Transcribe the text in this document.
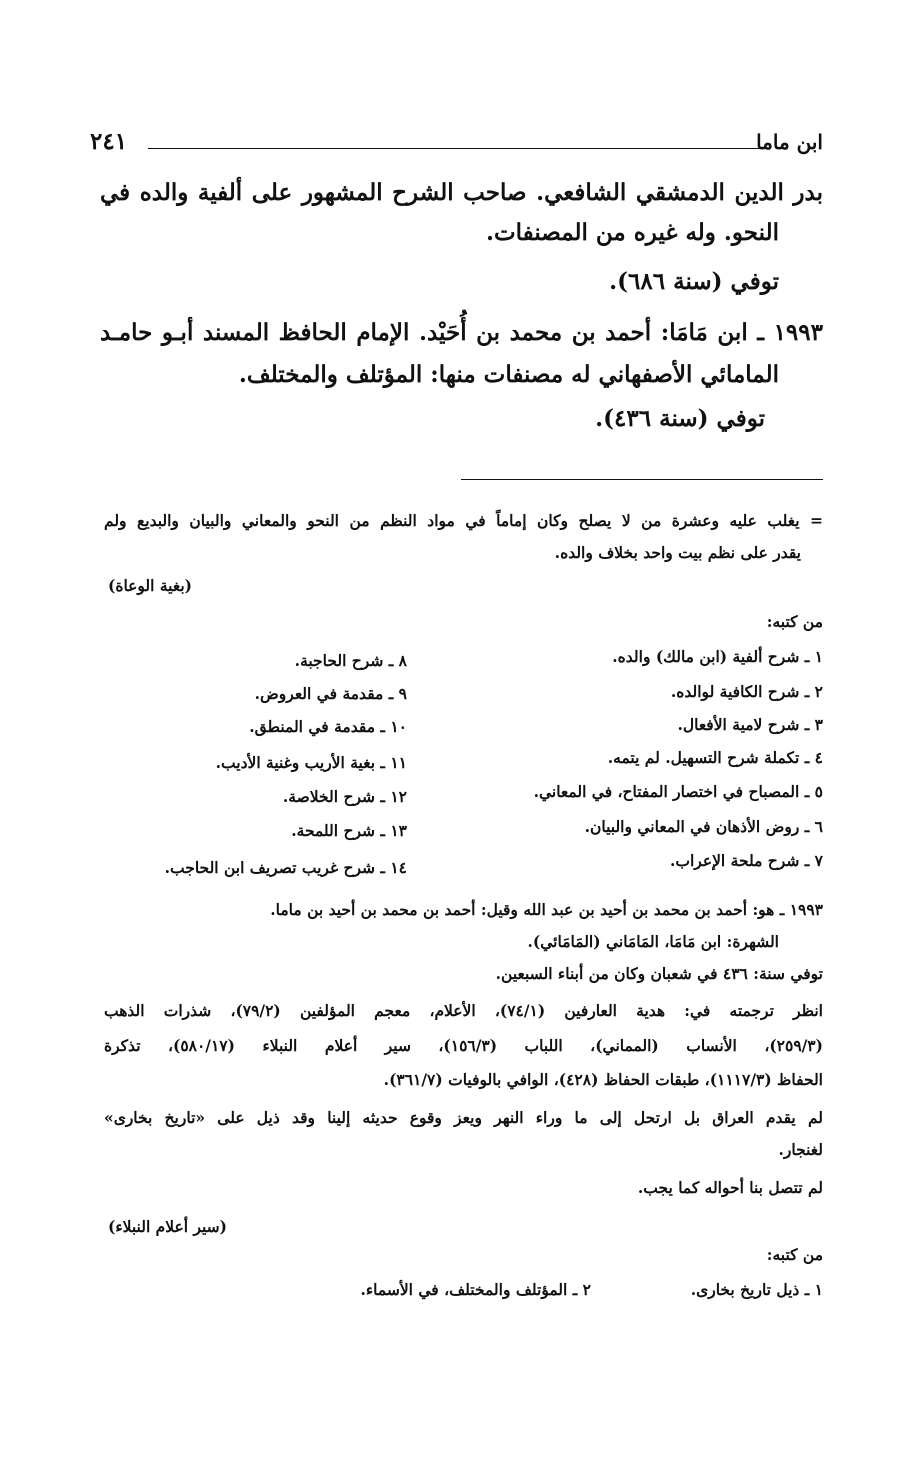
ابن ماما
٢٤١
بدر الدين الدمشقي الشافعي. صاحب الشرح المشهور على ألفية والده في
النحو. وله غيره من المصنفات.
توفي (سنة ٦٨٦).
١٩٩٣ ـ ابن مَامَا: أحمد بن محمد بن أُحَيْد. الإمام الحافظ المسند أبـو حامـد
المامائي الأصفهاني له مصنفات منها: المؤتلف والمختلف.
توفي (سنة ٤٣٦).
= يغلب عليه وعشرة من لا يصلح وكان إماماً في مواد النظم من النحو والمعاني والبيان والبديع ولم
يقدر على نظم بيت واحد بخلاف والده.
(بغية الوعاة)
من كتبه:
١ ـ شرح ألفية (ابن مالك) والده.
٢ ـ شرح الكافية لوالده.
٣ ـ شرح لامية الأفعال.
٤ ـ تكملة شرح التسهيل. لم يتمه.
٥ ـ المصباح في اختصار المفتاح، في المعاني.
٦ ـ روض الأذهان في المعاني والبيان.
٧ ـ شرح ملحة الإعراب.
٨ ـ شرح الحاجبة.
٩ ـ مقدمة في العروض.
١٠ ـ مقدمة في المنطق.
١١ ـ بغية الأريب وغنية الأديب.
١٢ ـ شرح الخلاصة.
١٣ ـ شرح اللمحة.
١٤ ـ شرح غريب تصريف ابن الحاجب.
١٩٩٣ ـ هو: أحمد بن محمد بن أحيد بن عبد الله وقيل: أحمد بن محمد بن أحيد بن ماما.
الشهرة: ابن مَامَا، المَامَاني (المَامَائي).
توفي سنة: ٤٣٦ في شعبان وكان من أبناء السبعين.
انظر ترجمته في: هدية العارفين (٧٤/١)، الأعلام، معجم المؤلفين (٧٩/٢)، شذرات الذهب
(٢٥٩/٣)، الأنساب (المماني)، اللباب (١٥٦/٣)، سير أعلام النبلاء (٥٨٠/١٧)، تذكرة
الحفاظ (١١١٧/٣)، طبقات الحفاظ (٤٢٨)، الوافي بالوفيات (٣٦١/٧).
لم يقدم العراق بل ارتحل إلى ما وراء النهر ويعز وقوع حديثه إلينا وقد ذيل على «تاريخ بخارى»
لغنجار.
لم تتصل بنا أحواله كما يجب.
(سير أعلام النبلاء)
من كتبه:
١ ـ ذيل تاريخ بخارى.
٢ ـ المؤتلف والمختلف، في الأسماء.
